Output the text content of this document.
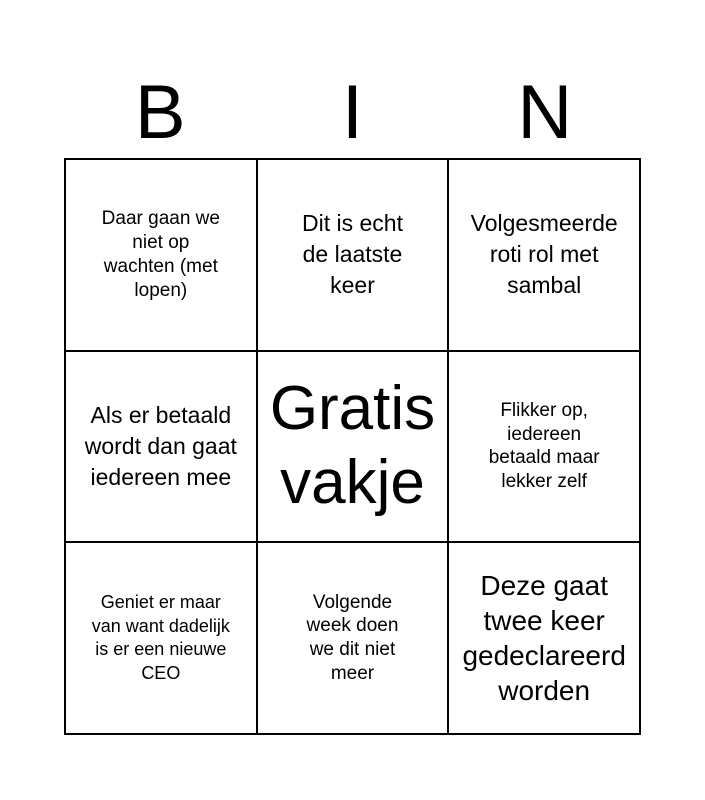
B	I	N
Daar gaan we niet op wachten (met lopen)
Dit is echt de laatste keer
Volgesmeerde roti rol met sambal
Als er betaald wordt dan gaat iedereen mee
Gratis vakje
Flikker op, iedereen betaald maar lekker zelf
Geniet er maar van want dadelijk is er een nieuwe CEO
Volgende week doen we dit niet meer
Deze gaat twee keer gedeclareerd worden
